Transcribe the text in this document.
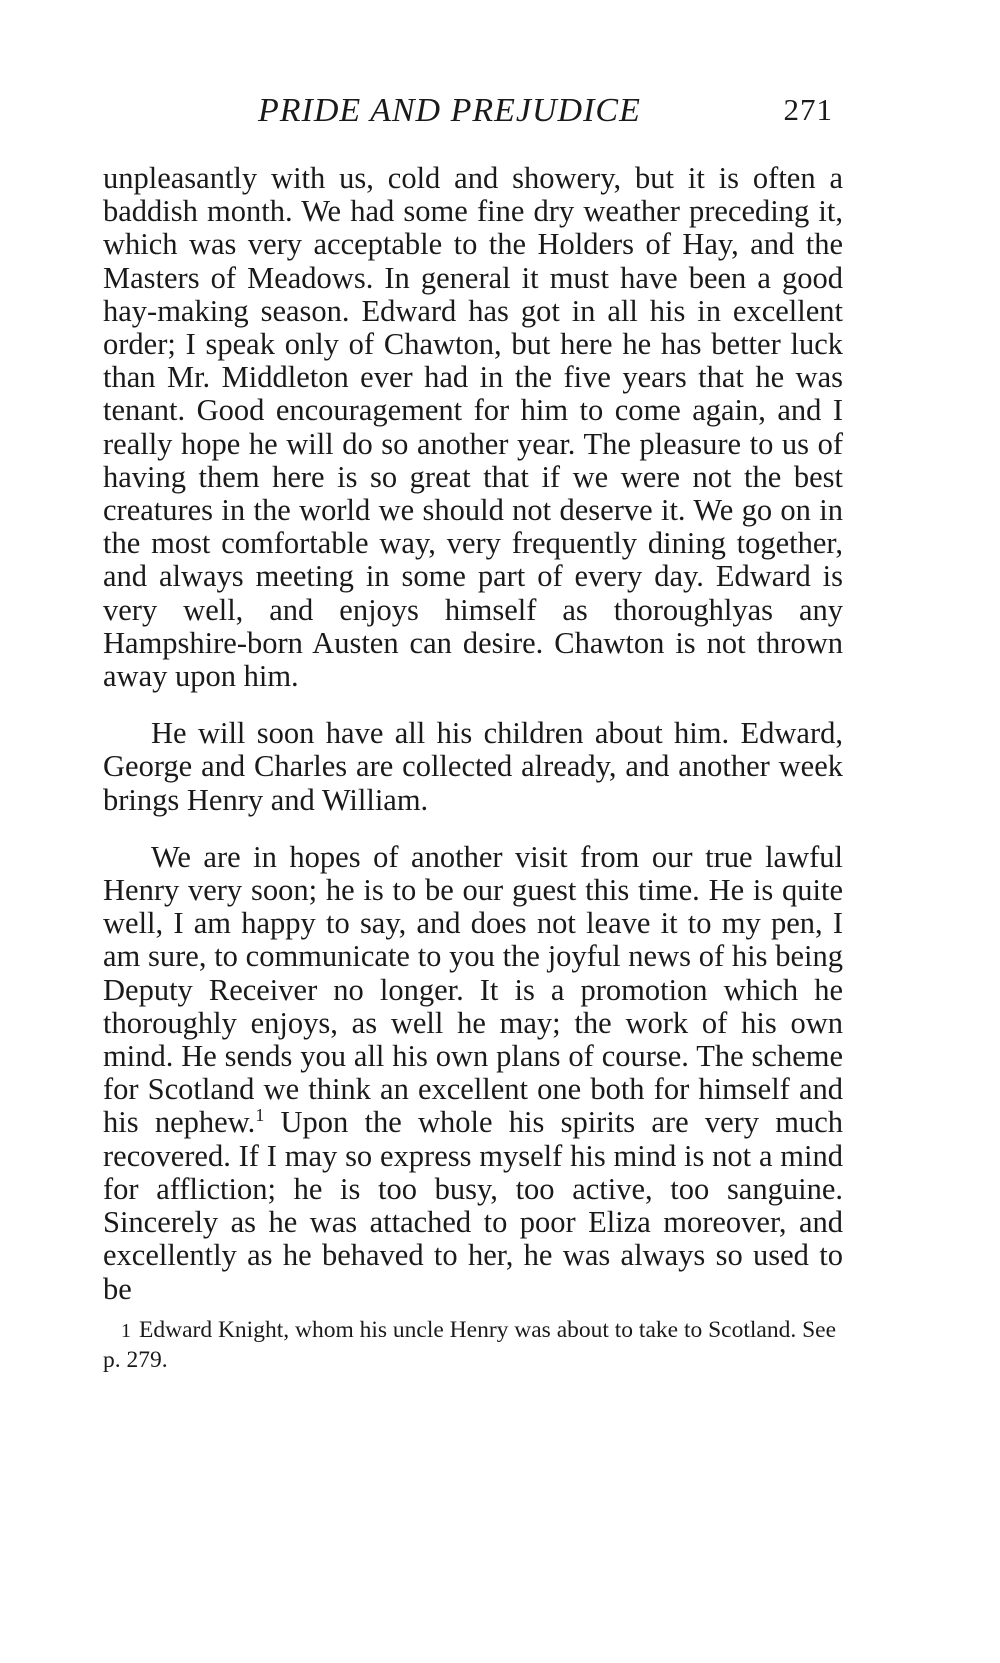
PRIDE AND PREJUDICE	271

unpleasantly with us, cold and showery, but it is often a baddish month. We had some fine dry weather preceding it, which was very acceptable to the Holders of Hay, and the Masters of Meadows. In general it must have been a good hay-making season. Edward has got in all his in excellent order; I speak only of Chawton, but here he has better luck than Mr. Middleton ever had in the five years that he was tenant. Good encouragement for him to come again, and I really hope he will do so another year. The pleasure to us of having them here is so great that if we were not the best creatures in the world we should not deserve it. We go on in the most comfortable way, very frequently dining together, and always meeting in some part of every day. Edward is very well, and enjoys himself as thoroughlyas any Hampshire-born Austen can desire. Chawton is not thrown away upon him.

He will soon have all his children about him. Edward, George and Charles are collected already, and another week brings Henry and William.

We are in hopes of another visit from our true lawful Henry very soon; he is to be our guest this time. He is quite well, I am happy to say, and does not leave it to my pen, I am sure, to communicate to you the joyful news of his being Deputy Receiver no longer. It is a promotion which he thoroughly enjoys, as well he may; the work of his own mind. He sends you all his own plans of course. The scheme for Scotland we think an excellent one both for himself and his nephew.$^1$ Upon the whole his spirits are very much recovered. If I may so express myself his mind is not a mind for affliction; he is too busy, too active, too sanguine. Sincerely as he was attached to poor Eliza moreover, and excellently as he behaved to her, he was always so used to be

1 Edward Knight, whom his uncle Henry was about to take to Scotland. See p. 279.
